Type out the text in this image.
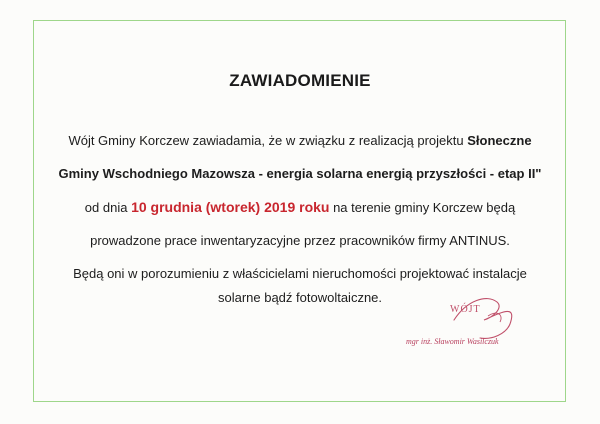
ZAWIADOMIENIE
Wójt Gminy Korczew zawiadamia, że w związku z realizacją projektu Słoneczne
Gminy Wschodniego Mazowsza - energia solarna energią przyszłości - etap II"
od dnia 10 grudnia (wtorek) 2019 roku na terenie gminy Korczew będą
prowadzone prace inwentaryzacyjne przez pracowników firmy ANTINUS.
Będą oni w porozumieniu z właścicielami nieruchomości projektować instalacje
solarne bądź fotowoltaiczne.
WÓJT
mgr inż. Sławomir Wasilczuk
